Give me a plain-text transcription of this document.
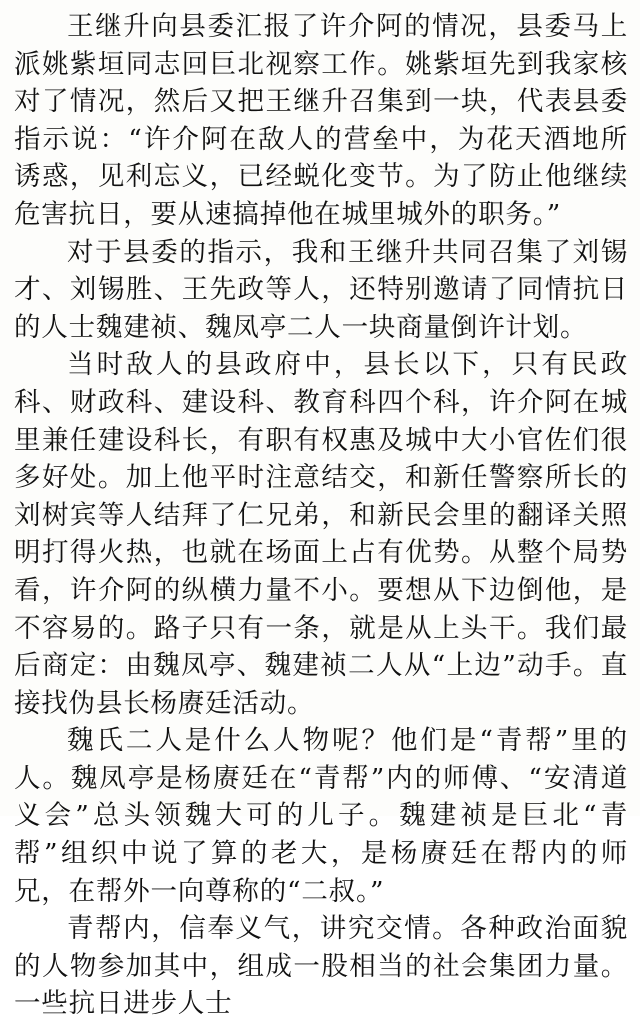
王继升向县委汇报了许介阿的情况，县委马上派姚紫垣同志回巨北视察工作。姚紫垣先到我家核对了情况，然后又把王继升召集到一块，代表县委指示说：“许介阿在敌人的营垒中，为花天酒地所诱惑，见利忘义，已经蜕化变节。为了防止他继续危害抗日，要从速搞掉他在城里城外的职务。”

对于县委的指示，我和王继升共同召集了刘锡才、刘锡胜、王先政等人，还特别邀请了同情抗日的人士魏建祯、魏凤亭二人一块商量倒许计划。

当时敌人的县政府中，县长以下，只有民政科、财政科、建设科、教育科四个科，许介阿在城里兼任建设科长，有职有权惠及城中大小官佐们很多好处。加上他平时注意结交，和新任警察所长的刘树宾等人结拜了仁兄弟，和新民会里的翻译关照明打得火热，也就在场面上占有优势。从整个局势看，许介阿的纵横力量不小。要想从下边倒他，是不容易的。路子只有一条，就是从上头干。我们最后商定：由魏凤亭、魏建祯二人从“上边”动手。直接找伪县长杨赓廷活动。

魏氏二人是什么人物呢？他们是“青帮”里的人。魏凤亭是杨赓廷在“青帮”内的师傅、“安清道义会”总头领魏大可的儿子。魏建祯是巨北“青帮”组织中说了算的老大，是杨赓廷在帮内的师兄，在帮外一向尊称的“二叔。”

青帮内，信奉义气，讲究交情。各种政治面貌的人物参加其中，组成一股相当的社会集团力量。一些抗日进步人士
